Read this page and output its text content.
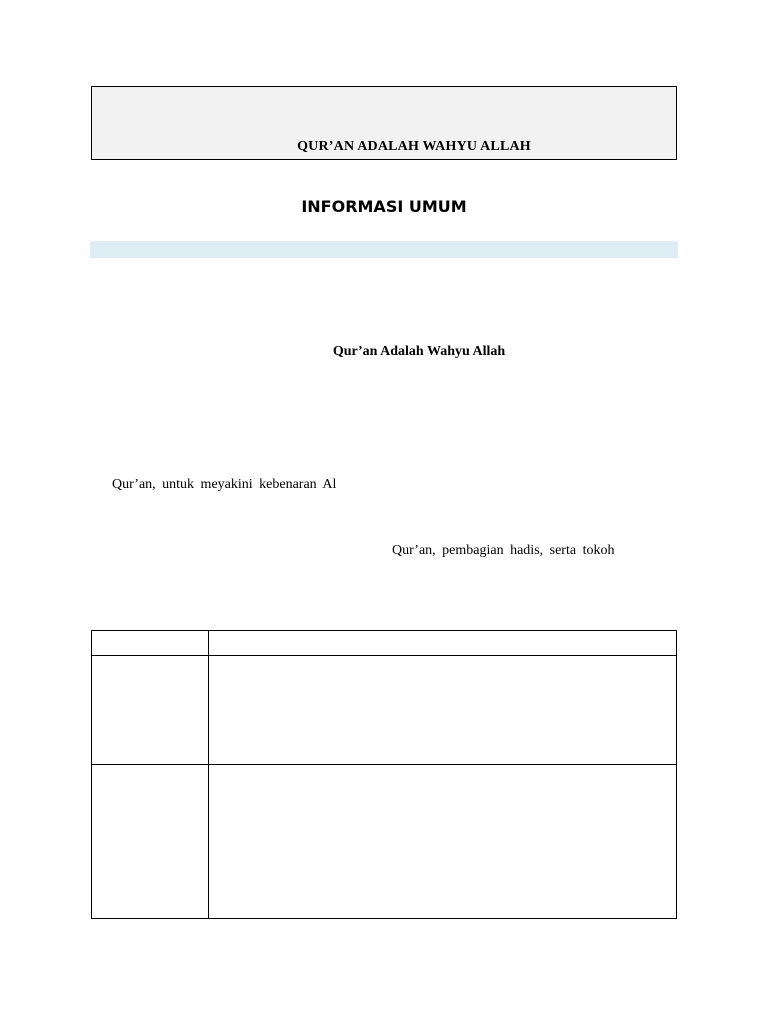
QUR’AN ADALAH WAHYU ALLAH
INFORMASI UMUM
Qur’an Adalah Wahyu Allah
Qur’an, untuk meyakini kebenaran Al
Qur’an, pembagian hadis, serta tokoh
